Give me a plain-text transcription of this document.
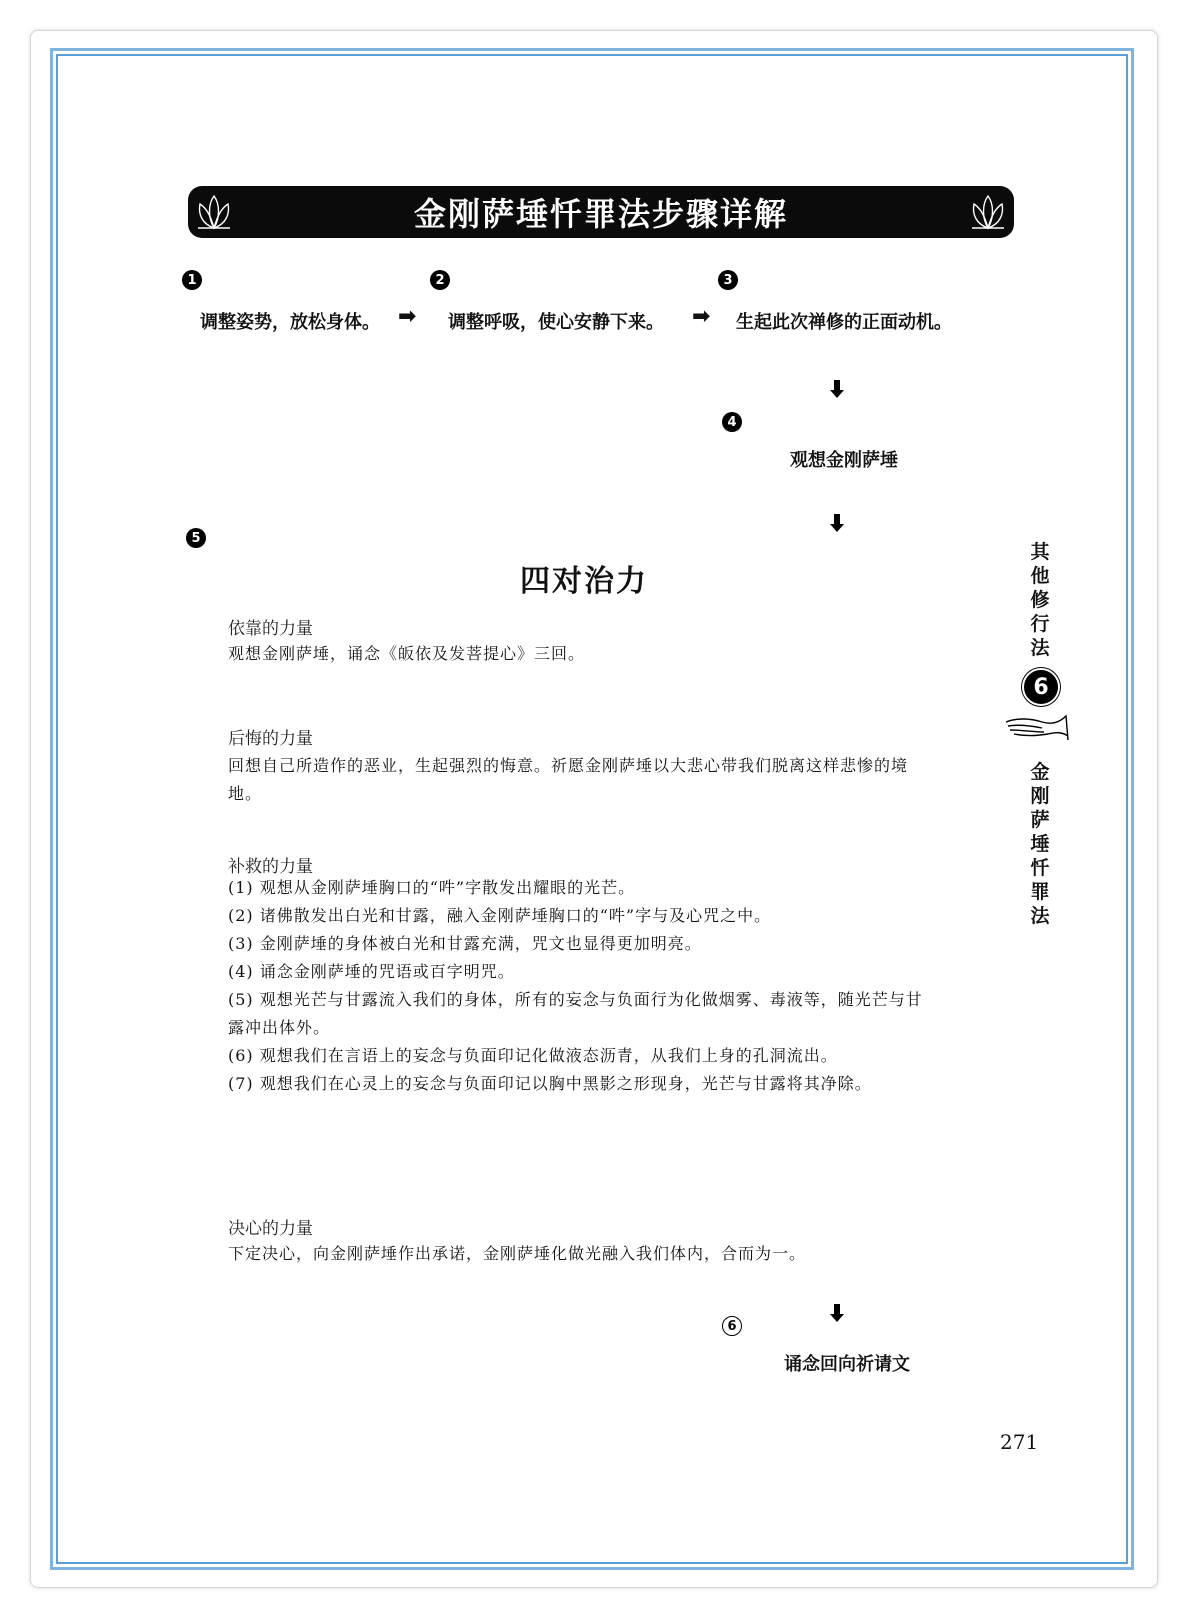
金刚萨埵忏罪法步骤详解
1
调整姿势，放松身体。 ➡
2
调整呼吸，使心安静下来。 ➡
3
生起此次禅修的正面动机。
4
观想金刚萨埵
5
四对治力
依靠的力量

观想金刚萨埵，诵念《皈依及发菩提心》三回。

后悔的力量

回想自己所造作的恶业，生起强烈的悔意。祈愿金刚萨埵以大悲心带我们脱离这样悲惨的境地。

补救的力量

(1) 观想从金刚萨埵胸口的“吽”字散发出耀眼的光芒。

(2) 诸佛散发出白光和甘露，融入金刚萨埵胸口的“吽”字与及心咒之中。

(3) 金刚萨埵的身体被白光和甘露充满，咒文也显得更加明亮。

(4) 诵念金刚萨埵的咒语或百字明咒。

(5) 观想光芒与甘露流入我们的身体，所有的妄念与负面行为化做烟雾、毒液等，随光芒与甘露冲出体外。

(6) 观想我们在言语上的妄念与负面印记化做液态沥青，从我们上身的孔洞流出。

(7) 观想我们在心灵上的妄念与负面印记以胸中黑影之形现身，光芒与甘露将其净除。

决心的力量

下定决心，向金刚萨埵作出承诺，金刚萨埵化做光融入我们体内，合而为一。

6
诵念回向祈请文
其他修行法
6
金刚萨埵忏罪法
271
